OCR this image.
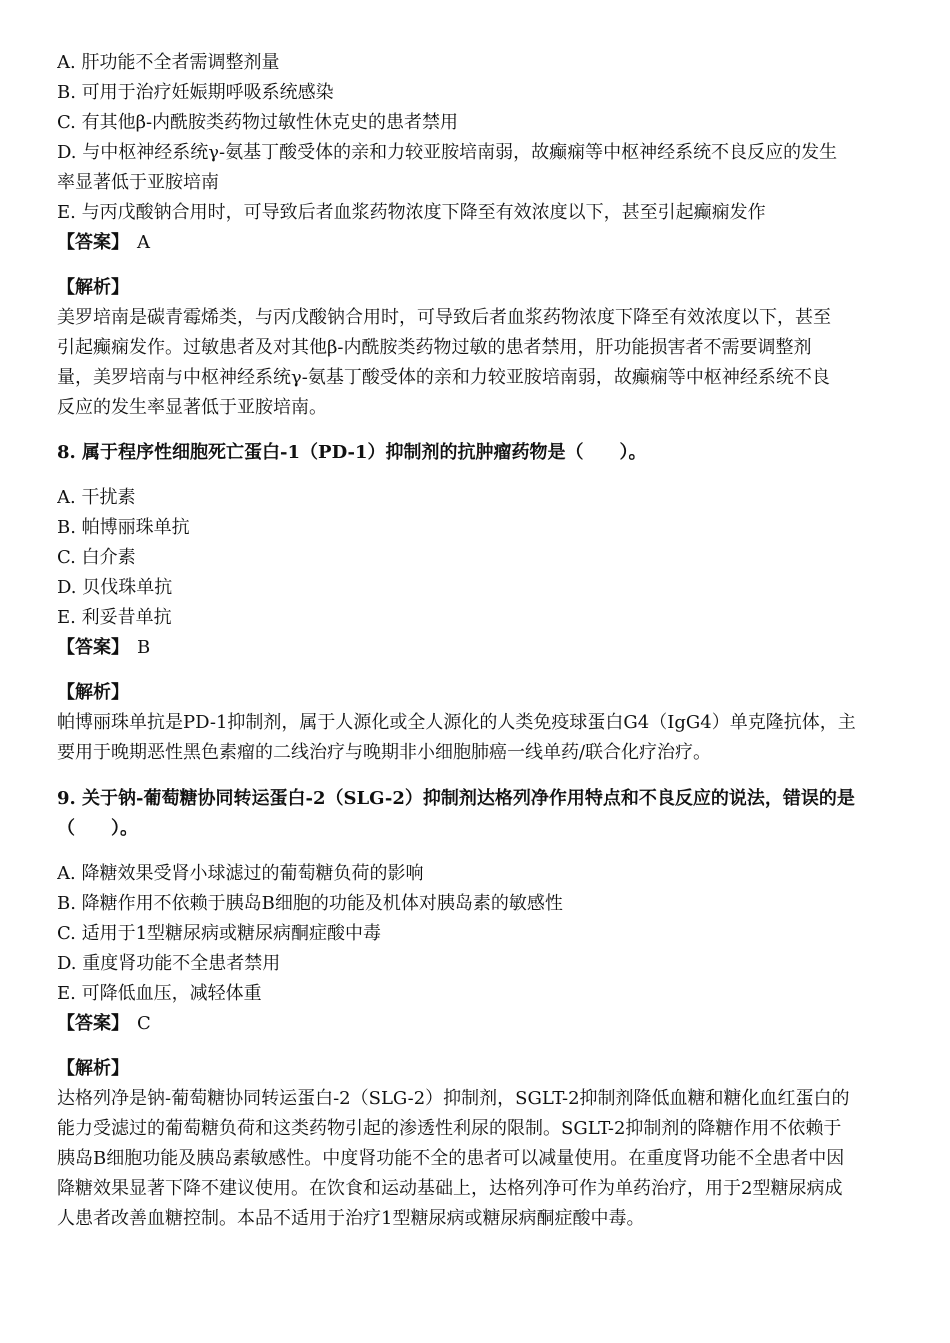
A. 肝功能不全者需调整剂量
B. 可用于治疗妊娠期呼吸系统感染
C. 有其他β-内酰胺类药物过敏性休克史的患者禁用
D. 与中枢神经系统γ-氨基丁酸受体的亲和力较亚胺培南弱，故癫痫等中枢神经系统不良反应的发生
率显著低于亚胺培南
E. 与丙戊酸钠合用时，可导致后者血浆药物浓度下降至有效浓度以下，甚至引起癫痫发作
【答案】 A
【解析】
美罗培南是碳青霉烯类，与丙戊酸钠合用时，可导致后者血浆药物浓度下降至有效浓度以下，甚至
引起癫痫发作。过敏患者及对其他β-内酰胺类药物过敏的患者禁用，肝功能损害者不需要调整剂
量，美罗培南与中枢神经系统γ-氨基丁酸受体的亲和力较亚胺培南弱，故癫痫等中枢神经系统不良
反应的发生率显著低于亚胺培南。
8. 属于程序性细胞死亡蛋白-1（PD-1）抑制剂的抗肿瘤药物是（　　）。
A. 干扰素
B. 帕博丽珠单抗
C. 白介素
D. 贝伐珠单抗
E. 利妥昔单抗
【答案】 B
【解析】
帕博丽珠单抗是PD-1抑制剂，属于人源化或全人源化的人类免疫球蛋白G4（IgG4）单克隆抗体，主
要用于晚期恶性黑色素瘤的二线治疗与晚期非小细胞肺癌一线单药/联合化疗治疗。
9. 关于钠-葡萄糖协同转运蛋白-2（SLG-2）抑制剂达格列净作用特点和不良反应的说法，错误的是
（　　）。
A. 降糖效果受肾小球滤过的葡萄糖负荷的影响
B. 降糖作用不依赖于胰岛B细胞的功能及机体对胰岛素的敏感性
C. 适用于1型糖尿病或糖尿病酮症酸中毒
D. 重度肾功能不全患者禁用
E. 可降低血压，减轻体重
【答案】 C
【解析】
达格列净是钠-葡萄糖协同转运蛋白-2（SLG-2）抑制剂，SGLT-2抑制剂降低血糖和糖化血红蛋白的
能力受滤过的葡萄糖负荷和这类药物引起的渗透性利尿的限制。SGLT-2抑制剂的降糖作用不依赖于
胰岛B细胞功能及胰岛素敏感性。中度肾功能不全的患者可以减量使用。在重度肾功能不全患者中因
降糖效果显著下降不建议使用。在饮食和运动基础上，达格列净可作为单药治疗，用于2型糖尿病成
人患者改善血糖控制。本品不适用于治疗1型糖尿病或糖尿病酮症酸中毒。
